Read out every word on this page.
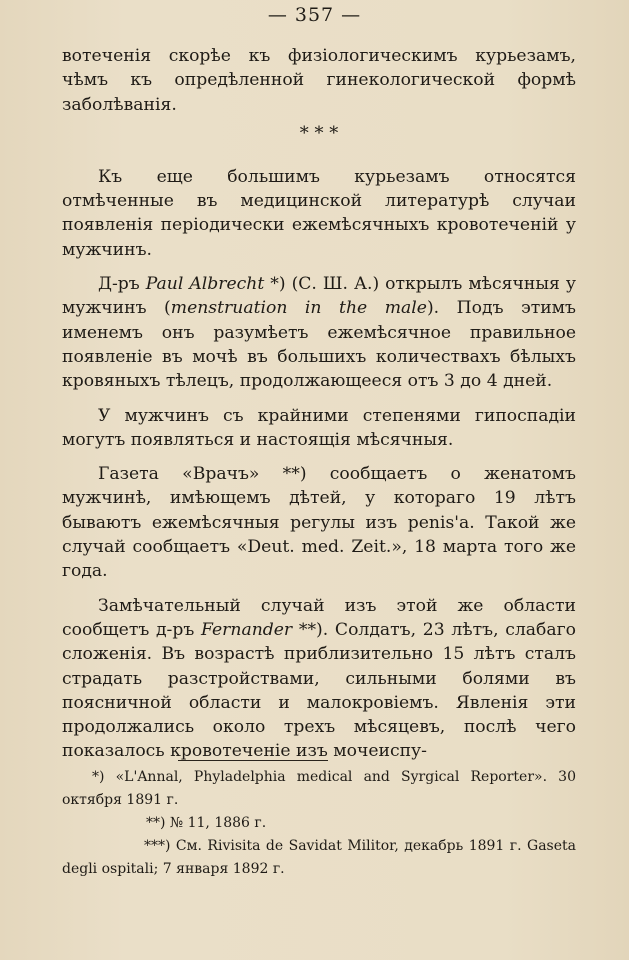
— 357 —

вотеченія скорѣе къ физіологическимъ курьезамъ, чѣмъ къ опредѣленной гинекологической формѣ заболѣванія.

* * *

Къ еще большимъ курьезамъ относятся отмѣченные въ медицинской литературѣ случаи появленія періодически ежемѣсячныхъ кровотеченій у мужчинъ.

Д-ръ Paul Albrecht *) (С. Ш. А.) открылъ мѣсячныя у мужчинъ (menstruation in the male). Подъ этимъ именемъ онъ разумѣетъ ежемѣсячное правильное появленіе въ мочѣ въ большихъ количествахъ бѣлыхъ кровяныхъ тѣлецъ, продолжающееся отъ 3 до 4 дней.

У мужчинъ съ крайними степенями гипоспадіи могутъ появляться и настоящія мѣсячныя.

Газета «Врачъ» **) сообщаетъ о женатомъ мужчинѣ, имѣющемъ дѣтей, у котораго 19 лѣтъ бываютъ ежемѣсячныя регулы изъ penis'а. Такой же случай сообщаетъ «Deut. med. Zeit.», 18 марта того же года.

Замѣчательный случай изъ этой же области сообщетъ д-ръ Fernander **). Солдатъ, 23 лѣтъ, слабаго сложенія. Въ возрастѣ приблизительно 15 лѣтъ сталъ страдать разстройствами, сильными болями въ поясничной области и малокровіемъ. Явленія эти продолжались около трехъ мѣсяцевъ, послѣ чего показалось кровотеченіе изъ мочеиспу-

*) «L'Annal, Phyladelphia medical and Syrgical Reporter». 30 октября 1891 г.

**) № 11, 1886 г.

***) См. Rivisita de Savidat Militor, декабрь 1891 г. Gaseta degli ospitali; 7 января 1892 г.
